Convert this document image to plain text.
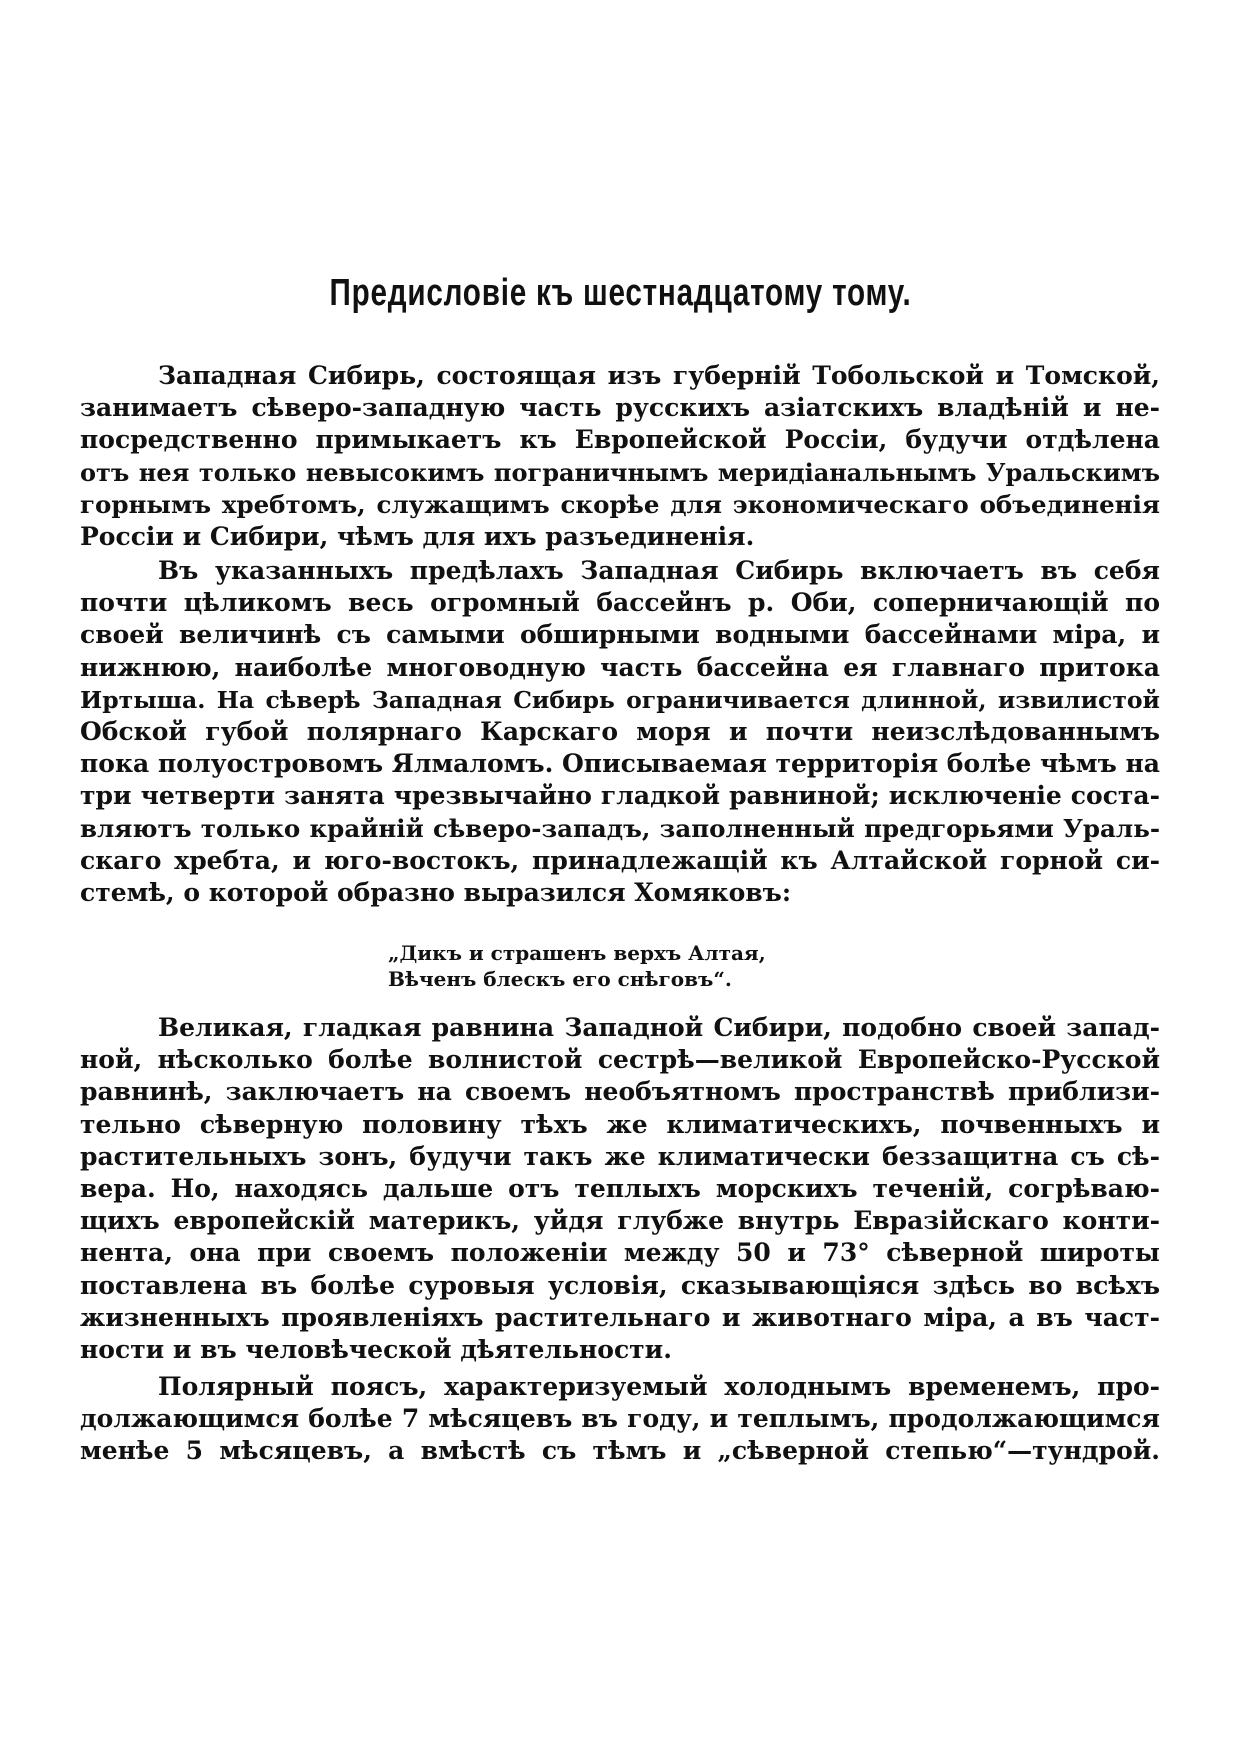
Предисловіе къ шестнадцатому тому.
Западная Сибирь, состоящая изъ губерній Тобольской и Томской,
занимаетъ сѣверо-западную часть русскихъ азіатскихъ владѣній и не-
посредственно примыкаетъ къ Европейской Россіи, будучи отдѣлена
отъ нея только невысокимъ пограничнымъ меридіанальнымъ Уральскимъ
горнымъ хребтомъ, служащимъ скорѣе для экономическаго объединенія
Россіи и Сибири, чѣмъ для ихъ разъединенія.
Въ указанныхъ предѣлахъ Западная Сибирь включаетъ въ себя
почти цѣликомъ весь огромный бассейнъ р. Оби, соперничающій по
своей величинѣ съ самыми обширными водными бассейнами міра, и
нижнюю, наиболѣе многоводную часть бассейна ея главнаго притока
Иртыша. На сѣверѣ Западная Сибирь ограничивается длинной, извилистой
Обской губой полярнаго Карскаго моря и почти неизслѣдованнымъ
пока полуостровомъ Ялмаломъ. Описываемая территорія болѣе чѣмъ на
три четверти занята чрезвычайно гладкой равниной; исключеніе соста-
вляютъ только крайній сѣверо-западъ, заполненный предгорьями Ураль-
скаго хребта, и юго-востокъ, принадлежащій къ Алтайской горной си-
стемѣ, о которой образно выразился Хомяковъ:
„Дикъ и страшенъ верхъ Алтая,
Вѣченъ блескъ его снѣговъ“.
Великая, гладкая равнина Западной Сибири, подобно своей запад-
ной, нѣсколько болѣе волнистой сестрѣ—великой Европейско-Русской
равнинѣ, заключаетъ на своемъ необъятномъ пространствѣ приблизи-
тельно сѣверную половину тѣхъ же климатическихъ, почвенныхъ и
растительныхъ зонъ, будучи такъ же климатически беззащитна съ сѣ-
вера. Но, находясь дальше отъ теплыхъ морскихъ теченій, согрѣваю-
щихъ европейскій материкъ, уйдя глубже внутрь Евразійскаго конти-
нента, она при своемъ положеніи между 50 и 73° сѣверной широты
поставлена въ болѣе суровыя условія, сказывающіяся здѣсь во всѣхъ
жизненныхъ проявленіяхъ растительнаго и животнаго міра, а въ част-
ности и въ человѣческой дѣятельности.
Полярный поясъ, характеризуемый холоднымъ временемъ, про-
должающимся болѣе 7 мѣсяцевъ въ году, и теплымъ, продолжающимся
менѣе 5 мѣсяцевъ, а вмѣстѣ съ тѣмъ и „сѣверной степью“—тундрой.
